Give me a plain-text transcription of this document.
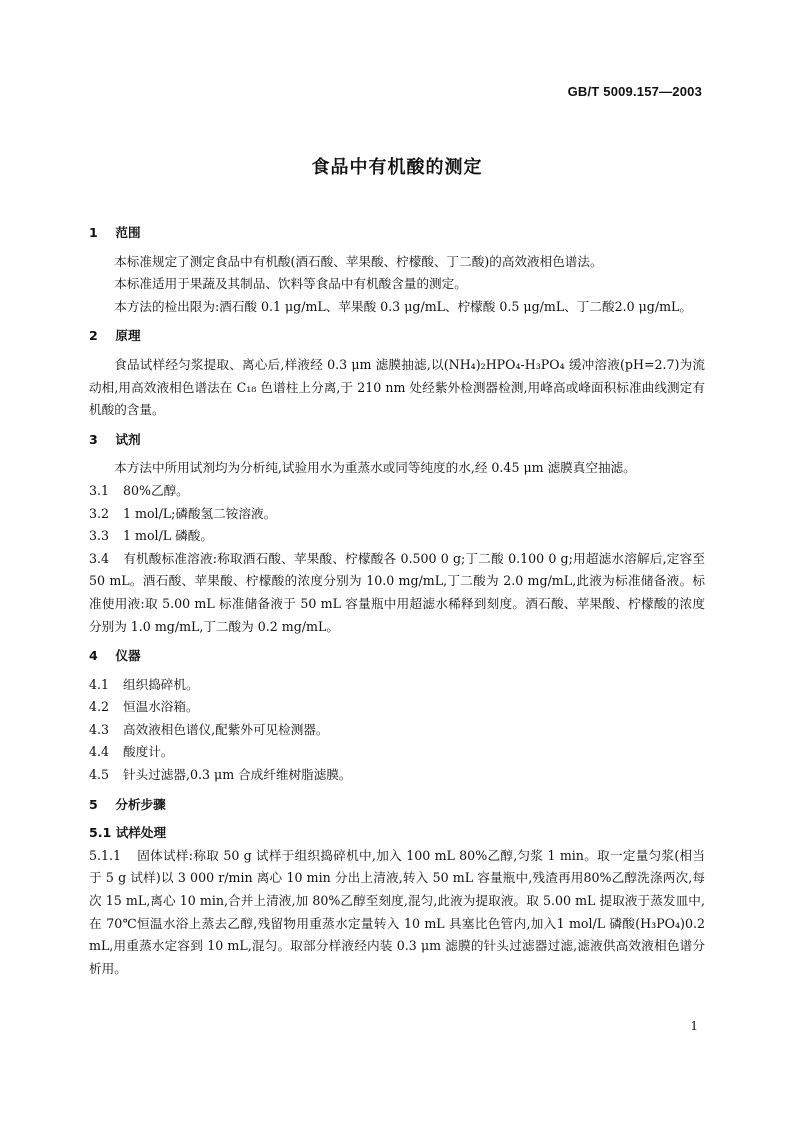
GB/T 5009.157—2003
食品中有机酸的测定
1 范围

本标准规定了测定食品中有机酸(酒石酸、苹果酸、柠檬酸、丁二酸)的高效液相色谱法。

本标准适用于果蔬及其制品、饮料等食品中有机酸含量的测定。

本方法的检出限为:酒石酸 0.1 μg/mL、苹果酸 0.3 μg/mL、柠檬酸 0.5 μg/mL、丁二酸2.0 μg/mL。

2 原理

食品试样经匀浆提取、离心后,样液经 0.3 μm 滤膜抽滤,以(NH₄)₂HPO₄-H₃PO₄ 缓冲溶液(pH=2.7)为流动相,用高效液相色谱法在 C₁₈ 色谱柱上分离,于 210 nm 处经紫外检测器检测,用峰高或峰面积标准曲线测定有机酸的含量。

3 试剂

本方法中所用试剂均为分析纯,试验用水为重蒸水或同等纯度的水,经 0.45 μm 滤膜真空抽滤。

3.1 80%乙醇。

3.2 1 mol/L;磷酸氢二铵溶液。

3.3 1 mol/L 磷酸。

3.4 有机酸标准溶液:称取酒石酸、苹果酸、柠檬酸各 0.500 0 g;丁二酸 0.100 0 g;用超滤水溶解后,定容至 50 mL。酒石酸、苹果酸、柠檬酸的浓度分别为 10.0 mg/mL,丁二酸为 2.0 mg/mL,此液为标准储备液。标准使用液:取 5.00 mL 标准储备液于 50 mL 容量瓶中用超滤水稀释到刻度。酒石酸、苹果酸、柠檬酸的浓度分别为 1.0 mg/mL,丁二酸为 0.2 mg/mL。

4 仪器

4.1 组织捣碎机。

4.2 恒温水浴箱。

4.3 高效液相色谱仪,配紫外可见检测器。

4.4 酸度计。

4.5 针头过滤器,0.3 μm 合成纤维树脂滤膜。

5 分析步骤

5.1 试样处理

5.1.1 固体试样:称取 50 g 试样于组织捣碎机中,加入 100 mL 80%乙醇,匀浆 1 min。取一定量匀浆(相当于 5 g 试样)以 3 000 r/min 离心 10 min 分出上清液,转入 50 mL 容量瓶中,残渣再用80%乙醇洗涤两次,每次 15 mL,离心 10 min,合并上清液,加 80%乙醇至刻度,混匀,此液为提取液。取 5.00 mL 提取液于蒸发皿中,在 70℃恒温水浴上蒸去乙醇,残留物用重蒸水定量转入 10 mL 具塞比色管内,加入1 mol/L 磷酸(H₃PO₄)0.2 mL,用重蒸水定容到 10 mL,混匀。取部分样液经内装 0.3 μm 滤膜的针头过滤器过滤,滤液供高效液相色谱分析用。

1
